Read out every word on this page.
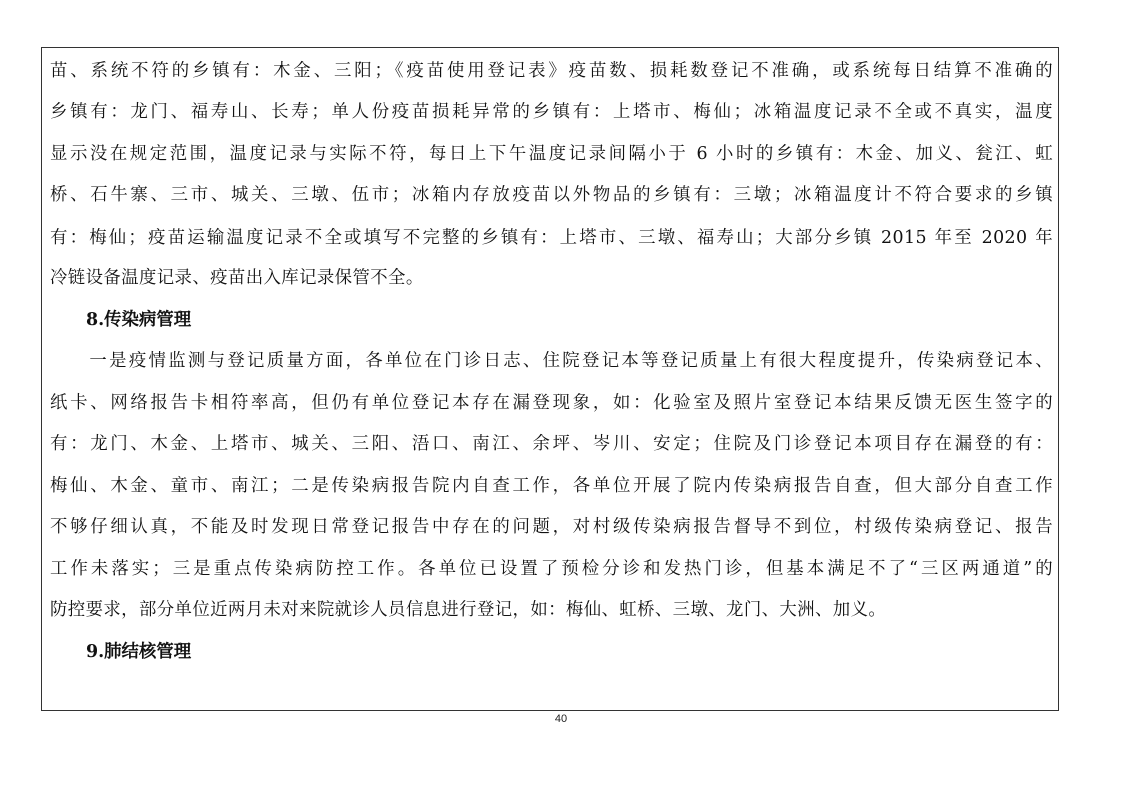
苗、系统不符的乡镇有：木金、三阳；《疫苗使用登记表》疫苗数、损耗数登记不准确，或系统每日结算不准确的
乡镇有：龙门、福寿山、长寿；单人份疫苗损耗异常的乡镇有：上塔市、梅仙；冰箱温度记录不全或不真实，温度
显示没在规定范围，温度记录与实际不符，每日上下午温度记录间隔小于 6 小时的乡镇有：木金、加义、瓮江、虹
桥、石牛寨、三市、城关、三墩、伍市；冰箱内存放疫苗以外物品的乡镇有：三墩；冰箱温度计不符合要求的乡镇
有：梅仙；疫苗运输温度记录不全或填写不完整的乡镇有：上塔市、三墩、福寿山；大部分乡镇 2015 年至 2020 年
冷链设备温度记录、疫苗出入库记录保管不全。
8.传染病管理
　　一是疫情监测与登记质量方面，各单位在门诊日志、住院登记本等登记质量上有很大程度提升，传染病登记本、
纸卡、网络报告卡相符率高，但仍有单位登记本存在漏登现象，如：化验室及照片室登记本结果反馈无医生签字的
有：龙门、木金、上塔市、城关、三阳、浯口、南江、余坪、岑川、安定；住院及门诊登记本项目存在漏登的有：
梅仙、木金、童市、南江；二是传染病报告院内自查工作，各单位开展了院内传染病报告自查，但大部分自查工作
不够仔细认真，不能及时发现日常登记报告中存在的问题，对村级传染病报告督导不到位，村级传染病登记、报告
工作未落实；三是重点传染病防控工作。各单位已设置了预检分诊和发热门诊，但基本满足不了“三区两通道”的
防控要求，部分单位近两月未对来院就诊人员信息进行登记，如：梅仙、虹桥、三墩、龙门、大洲、加义。
9.肺结核管理
40
